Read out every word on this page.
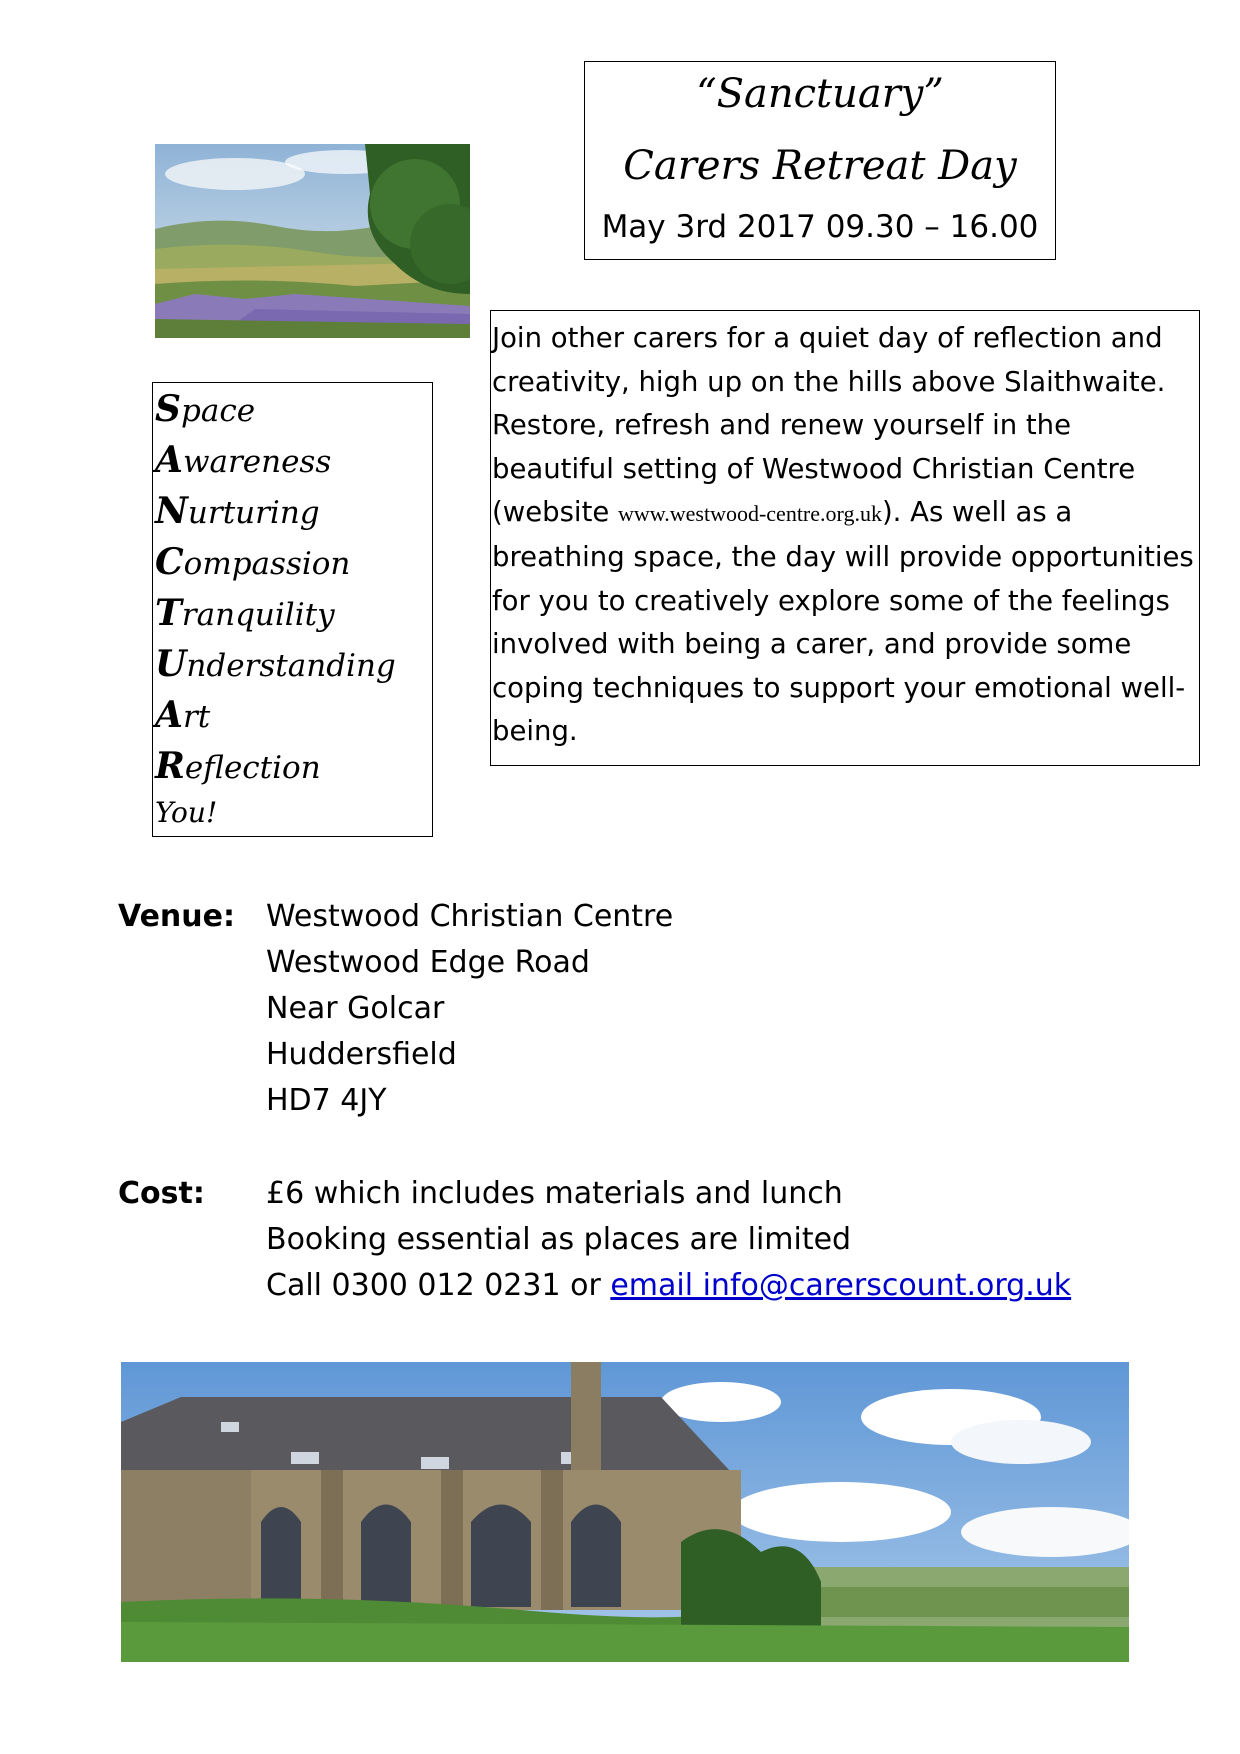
“Sanctuary”
Carers Retreat Day
May 3rd 2017 09.30 – 16.00
Space
Awareness
Nurturing
Compassion
Tranquility
Understanding
Art
Reflection
You!
Join other carers for a quiet day of reflection and creativity, high up on the hills above Slaithwaite. Restore, refresh and renew yourself in the beautiful setting of Westwood Christian Centre (website www.westwood-centre.org.uk). As well as a breathing space, the day will provide opportunities for you to creatively explore some of the feelings involved with being a carer, and provide some coping techniques to support your emotional well-being.
Venue: Westwood Christian Centre
Westwood Edge Road
Near Golcar
Huddersfield
HD7 4JY
Cost: £6 which includes materials and lunch
Booking essential as places are limited
Call 0300 012 0231 or email info@carerscount.org.uk
